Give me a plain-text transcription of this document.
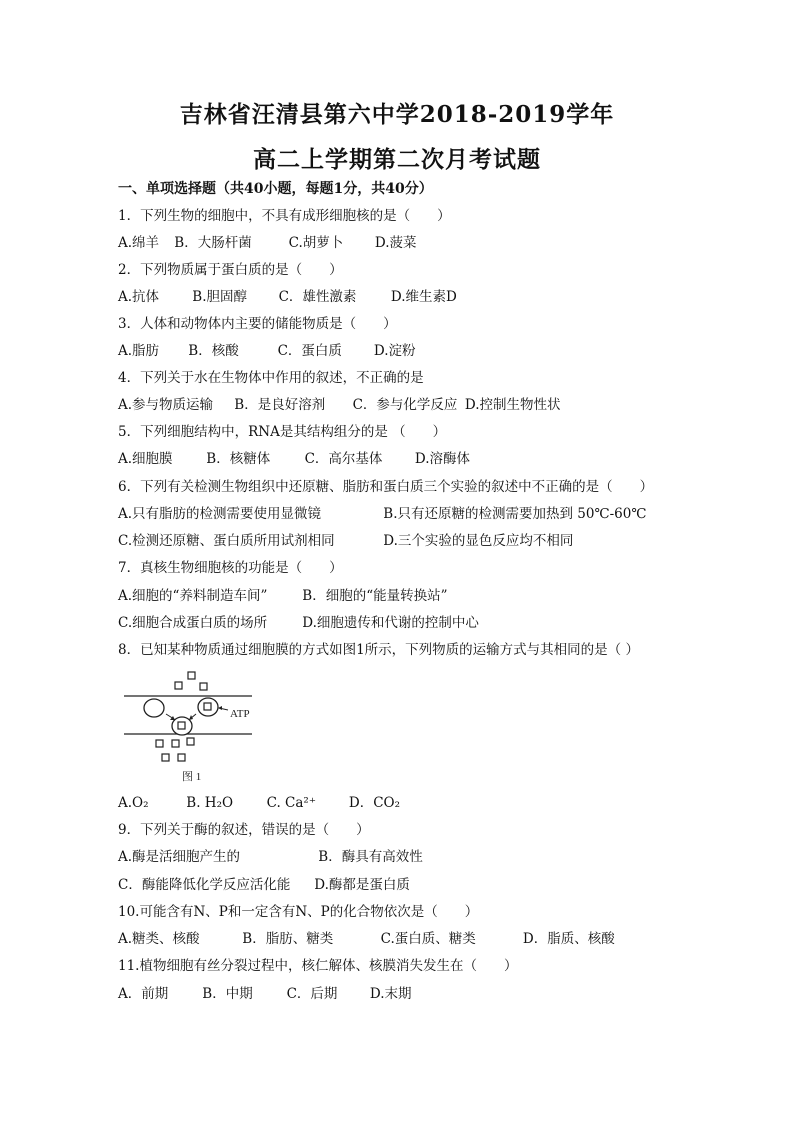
吉林省汪清县第六中学2018-2019学年
高二上学期第二次月考试题
一、单项选择题（共40小题，每题1分，共40分）
1．下列生物的细胞中，不具有成形细胞核的是（　　）
A.绵羊 B．大肠杆菌	C.胡萝卜 D.菠菜
2．下列物质属于蛋白质的是（　　）
A.抗体 B.胆固醇 C．雄性激素	D.维生素D
3．人体和动物体内主要的储能物质是（　　）
A.脂肪 B．核酸	C．蛋白质 D.淀粉
4．下列关于水在生物体中作用的叙述，不正确的是
A.参与物质运输 B．是良好溶剂 C．参与化学反应 D.控制生物性状
5．下列细胞结构中，RNA是其结构组分的是 （　　）
A.细胞膜	B．核糖体	C．高尔基体 D.溶酶体
6．下列有关检测生物组织中还原糖、脂肪和蛋白质三个实验的叙述中不正确的是（　　）
A.只有脂肪的检测需要使用显微镜	B.只有还原糖的检测需要加热到 50℃-60℃
C.检测还原糖、蛋白质所用试剂相同	D.三个实验的显色反应均不相同
7．真核生物细胞核的功能是（　　）
A.细胞的“养料制造车间”	B．细胞的“能量转换站”
C.细胞合成蛋白质的场所	D.细胞遗传和代谢的控制中心
8．已知某种物质通过细胞膜的方式如图1所示，下列物质的运输方式与其相同的是（ ）
ATP
图 1
A.O₂	B. H₂O C. Ca²⁺ D．CO₂
9．下列关于酶的叙述，错误的是（　　）
A.酶是活细胞产生的	B．酶具有高效性
C．酶能降低化学反应活化能 D.酶都是蛋白质
10.可能含有N、P和一定含有N、P的化合物依次是（　　）
A.糖类、核酸	B．脂肪、糖类	C.蛋白质、糖类	D．脂质、核酸
11.植物细胞有丝分裂过程中，核仁解体、核膜消失发生在（　　）
A．前期	B．中期	C．后期 D.末期
